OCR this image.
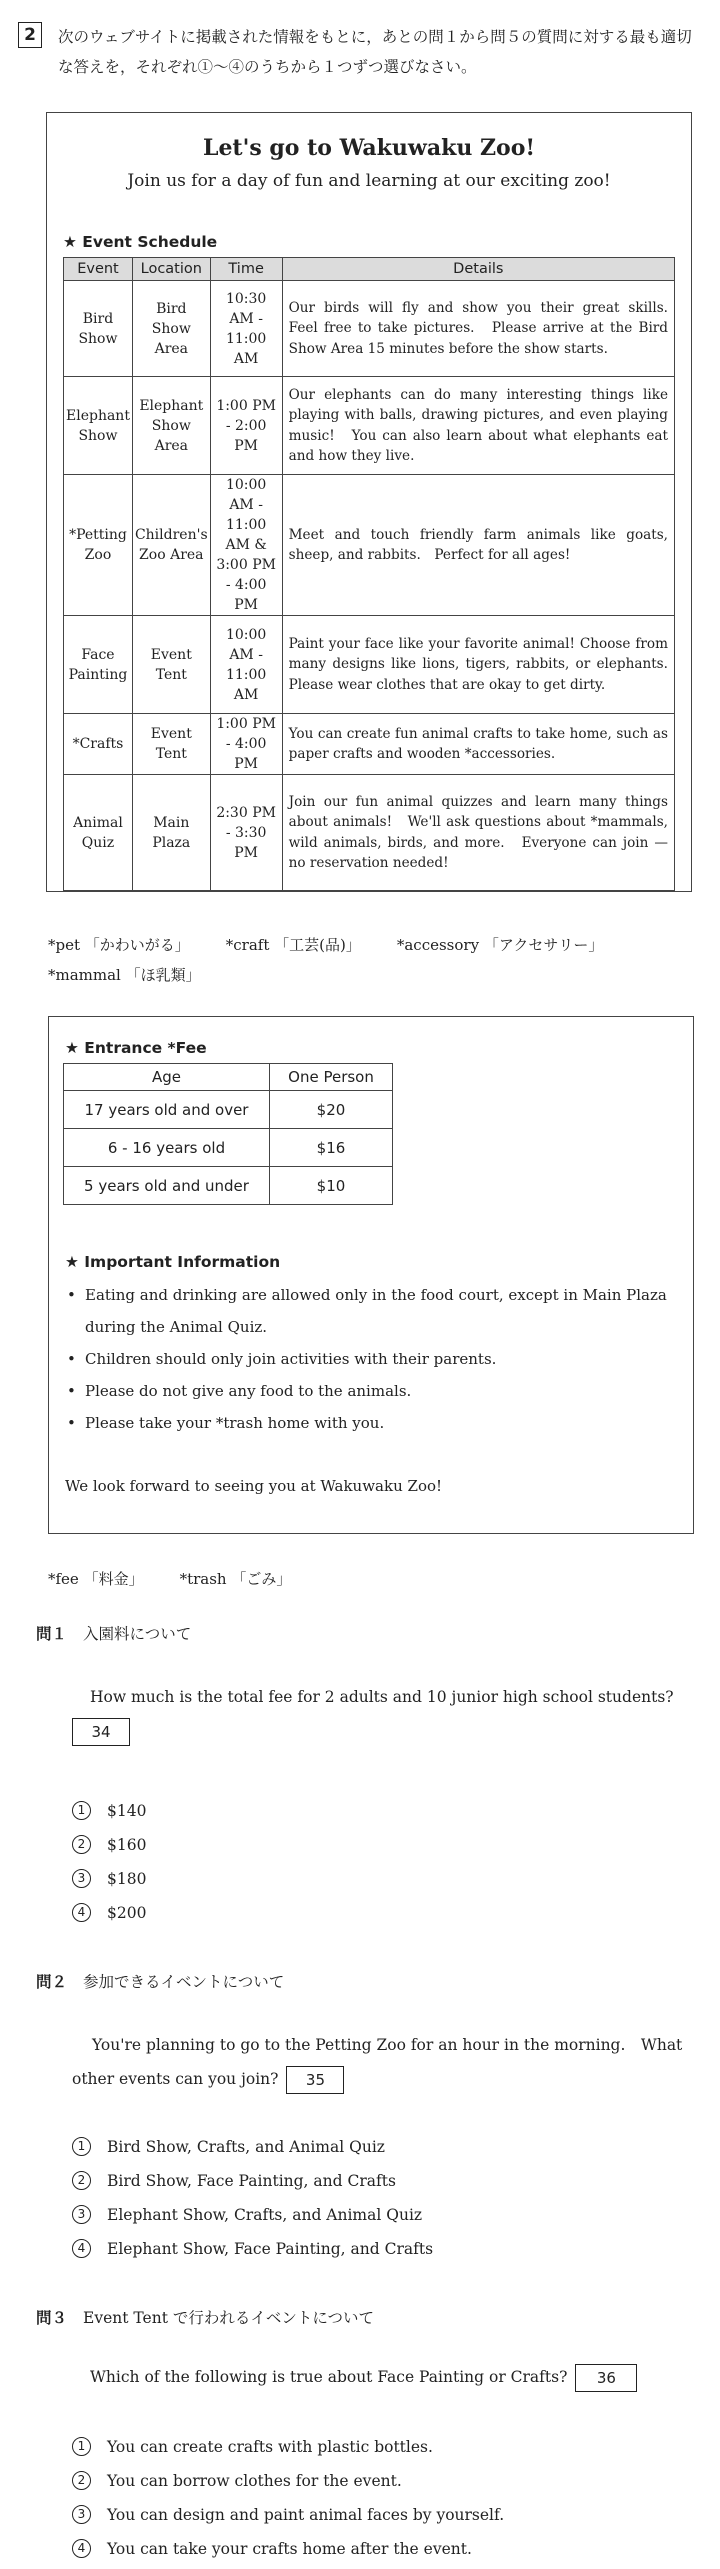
2	次のウェブサイトに掲載された情報をもとに，あとの問１から問５の質問に対する最も適切な答えを，それぞれ①～④のうちから１つずつ選びなさい。
Let's go to Wakuwaku Zoo!
Join us for a day of fun and learning at our exciting zoo!
★ Event Schedule
Event	Location	Time	Details
Bird Show	Bird Show Area	10:30 AM - 11:00 AM	Our birds will fly and show you their great skills.　Feel free to take pictures.　Please arrive at the Bird Show Area 15 minutes before the show starts.
Elephant Show	Elephant Show Area	1:00 PM - 2:00 PM	Our elephants can do many interesting things like playing with balls, drawing pictures, and even playing music!　You can also learn about what elephants eat and how they live.
*Petting Zoo	Children's Zoo Area	10:00 AM - 11:00 AM & 3:00 PM - 4:00 PM	Meet and touch friendly farm animals like goats, sheep, and rabbits.　Perfect for all ages!
Face Painting	Event Tent	10:00 AM - 11:00 AM	Paint your face like your favorite animal! Choose from many designs like lions, tigers, rabbits, or elephants.　Please wear clothes that are okay to get dirty.
*Crafts	Event Tent	1:00 PM - 4:00 PM	You can create fun animal crafts to take home, such as paper crafts and wooden *accessories.
Animal Quiz	Main Plaza	2:30 PM - 3:30 PM	Join our fun animal quizzes and learn many things about animals!　We'll ask questions about *mammals, wild animals, birds, and more.　Everyone can join — no reservation needed!
*pet 「かわいがる」 *craft 「工芸(品)」 *accessory 「アクセサリー」
*mammal 「ほ乳類」
★ Entrance *Fee
Age	One Person
17 years old and over	$20
6 - 16 years old	$16
5 years old and under	$10
★ Important Information
• Eating and drinking are allowed only in the food court, except in Main Plaza during the Animal Quiz.
• Children should only join activities with their parents.
• Please do not give any food to the animals.
• Please take your *trash home with you.
We look forward to seeing you at Wakuwaku Zoo!
*fee 「料金」 *trash 「ごみ」
問１ 入園料について
How much is the total fee for 2 adults and 10 junior high school students?
34
1 $140
2 $160
3 $180
4 $200
問２ 参加できるイベントについて
You're planning to go to the Petting Zoo for an hour in the morning.　What other events can you join? 35
1 Bird Show, Crafts, and Animal Quiz
2 Bird Show, Face Painting, and Crafts
3 Elephant Show, Crafts, and Animal Quiz
4 Elephant Show, Face Painting, and Crafts
問３ Event Tent で行われるイベントについて
Which of the following is true about Face Painting or Crafts? 36
1 You can create crafts with plastic bottles.
2 You can borrow clothes for the event.
3 You can design and paint animal faces by yourself.
4 You can take your crafts home after the event.
